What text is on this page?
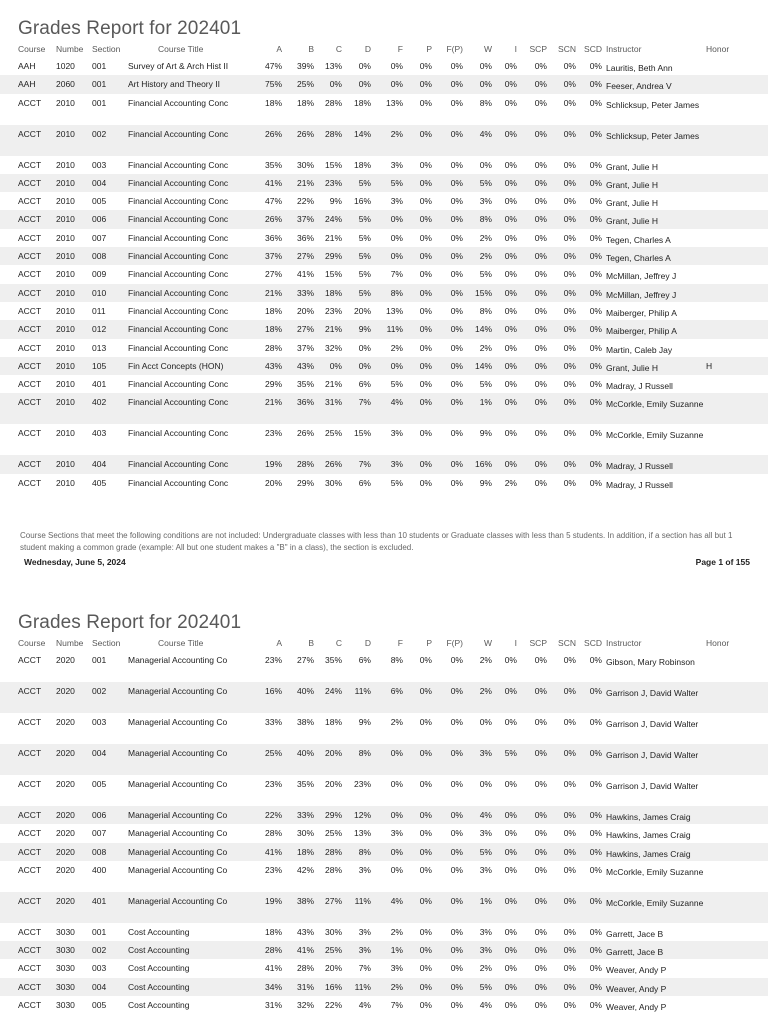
Grades Report for 202401
Course Numbe Section	Course Title	A	B	C	D	F	P	F(P)	W	I	SCP	SCN SCD Instructor	Honor
AAH 1020 001	Survey of Art & Arch Hist II	47%	39%	13%	0%	0%	0%	0%	0%	0%	0%	0%	0% Lauritis, Beth Ann
AAH 2060 001	Art History and Theory II	75%	25%	0%	0%	0%	0%	0%	0%	0%	0%	0%	0% Feeser, Andrea V
ACCT 2010 001	Financial Accounting Conc	18%	18%	28%	18%	13%	0%	0%	8%	0%	0%	0%	0% Schlicksup, Peter James
ACCT 2010 002	Financial Accounting Conc	26%	26%	28%	14%	2%	0%	0%	4%	0%	0%	0%	0% Schlicksup, Peter James
ACCT 2010 003	Financial Accounting Conc	35%	30%	15%	18%	3%	0%	0%	0%	0%	0%	0%	0% Grant, Julie H
ACCT 2010 004	Financial Accounting Conc	41%	21%	23%	5%	5%	0%	0%	5%	0%	0%	0%	0% Grant, Julie H
ACCT 2010 005	Financial Accounting Conc	47%	22%	9%	16%	3%	0%	0%	3%	0%	0%	0%	0% Grant, Julie H
ACCT 2010 006	Financial Accounting Conc	26%	37%	24%	5%	0%	0%	0%	8%	0%	0%	0%	0% Grant, Julie H
ACCT 2010 007	Financial Accounting Conc	36%	36%	21%	5%	0%	0%	0%	2%	0%	0%	0%	0% Tegen, Charles A
ACCT 2010 008	Financial Accounting Conc	37%	27%	29%	5%	0%	0%	0%	2%	0%	0%	0%	0% Tegen, Charles A
ACCT 2010 009	Financial Accounting Conc	27%	41%	15%	5%	7%	0%	0%	5%	0%	0%	0%	0% McMillan, Jeffrey J
ACCT 2010 010	Financial Accounting Conc	21%	33%	18%	5%	8%	0%	0%	15%	0%	0%	0%	0% McMillan, Jeffrey J
ACCT 2010 011	Financial Accounting Conc	18%	20%	23%	20%	13%	0%	0%	8%	0%	0%	0%	0% Maiberger, Philip A
ACCT 2010 012	Financial Accounting Conc	18%	27%	21%	9%	11%	0%	0%	14%	0%	0%	0%	0% Maiberger, Philip A
ACCT 2010 013	Financial Accounting Conc	28%	37%	32%	0%	2%	0%	0%	2%	0%	0%	0%	0% Martin, Caleb Jay
ACCT 2010 105	Fin Acct Concepts (HON)	43%	43%	0%	0%	0%	0%	0%	14%	0%	0%	0%	0% Grant, Julie H	H
ACCT 2010 401	Financial Accounting Conc	29%	35%	21%	6%	5%	0%	0%	5%	0%	0%	0%	0% Madray, J Russell
ACCT 2010 402	Financial Accounting Conc	21%	36%	31%	7%	4%	0%	0%	1%	0%	0%	0%	0% McCorkle, Emily Suzanne
ACCT 2010 403	Financial Accounting Conc	23%	26%	25%	15%	3%	0%	0%	9%	0%	0%	0%	0% McCorkle, Emily Suzanne
ACCT 2010 404	Financial Accounting Conc	19%	28%	26%	7%	3%	0%	0%	16%	0%	0%	0%	0% Madray, J Russell
ACCT 2010 405	Financial Accounting Conc	20%	29%	30%	6%	5%	0%	0%	9%	2%	0%	0%	0% Madray, J Russell
Course Sections that meet the following conditions are not included: Undergraduate classes with less than 10 students or Graduate classes with less than 5 students. In addition, if a section has all but 1 student making a common grade (example: All but one student makes a "B" in a class), the section is excluded.
Wednesday, June 5, 2024	Page 1 of 155
Grades Report for 202401
Course Numbe Section	Course Title	A	B	C	D	F	P	F(P)	W	I	SCP	SCN SCD Instructor	Honor
ACCT 2020 001	Managerial Accounting Co	23%	27%	35%	6%	8%	0%	0%	2%	0%	0%	0%	0% Gibson, Mary Robinson
ACCT 2020 002	Managerial Accounting Co	16%	40%	24%	11%	6%	0%	0%	2%	0%	0%	0%	0% Garrison J, David Walter
ACCT 2020 003	Managerial Accounting Co	33%	38%	18%	9%	2%	0%	0%	0%	0%	0%	0%	0% Garrison J, David Walter
ACCT 2020 004	Managerial Accounting Co	25%	40%	20%	8%	0%	0%	0%	3%	5%	0%	0%	0% Garrison J, David Walter
ACCT 2020 005	Managerial Accounting Co	23%	35%	20%	23%	0%	0%	0%	0%	0%	0%	0%	0% Garrison J, David Walter
ACCT 2020 006	Managerial Accounting Co	22%	33%	29%	12%	0%	0%	0%	4%	0%	0%	0%	0% Hawkins, James Craig
ACCT 2020 007	Managerial Accounting Co	28%	30%	25%	13%	3%	0%	0%	3%	0%	0%	0%	0% Hawkins, James Craig
ACCT 2020 008	Managerial Accounting Co	41%	18%	28%	8%	0%	0%	0%	5%	0%	0%	0%	0% Hawkins, James Craig
ACCT 2020 400	Managerial Accounting Co	23%	42%	28%	3%	0%	0%	0%	3%	0%	0%	0%	0% McCorkle, Emily Suzanne
ACCT 2020 401	Managerial Accounting Co	19%	38%	27%	11%	4%	0%	0%	1%	0%	0%	0%	0% McCorkle, Emily Suzanne
ACCT 3030 001	Cost Accounting	18%	43%	30%	3%	2%	0%	0%	3%	0%	0%	0%	0% Garrett, Jace B
ACCT 3030 002	Cost Accounting	28%	41%	25%	3%	1%	0%	0%	3%	0%	0%	0%	0% Garrett, Jace B
ACCT 3030 003	Cost Accounting	41%	28%	20%	7%	3%	0%	0%	2%	0%	0%	0%	0% Weaver, Andy P
ACCT 3030 004	Cost Accounting	34%	31%	16%	11%	2%	0%	0%	5%	0%	0%	0%	0% Weaver, Andy P
ACCT 3030 005	Cost Accounting	31%	32%	22%	4%	7%	0%	0%	4%	0%	0%	0%	0% Weaver, Andy P
